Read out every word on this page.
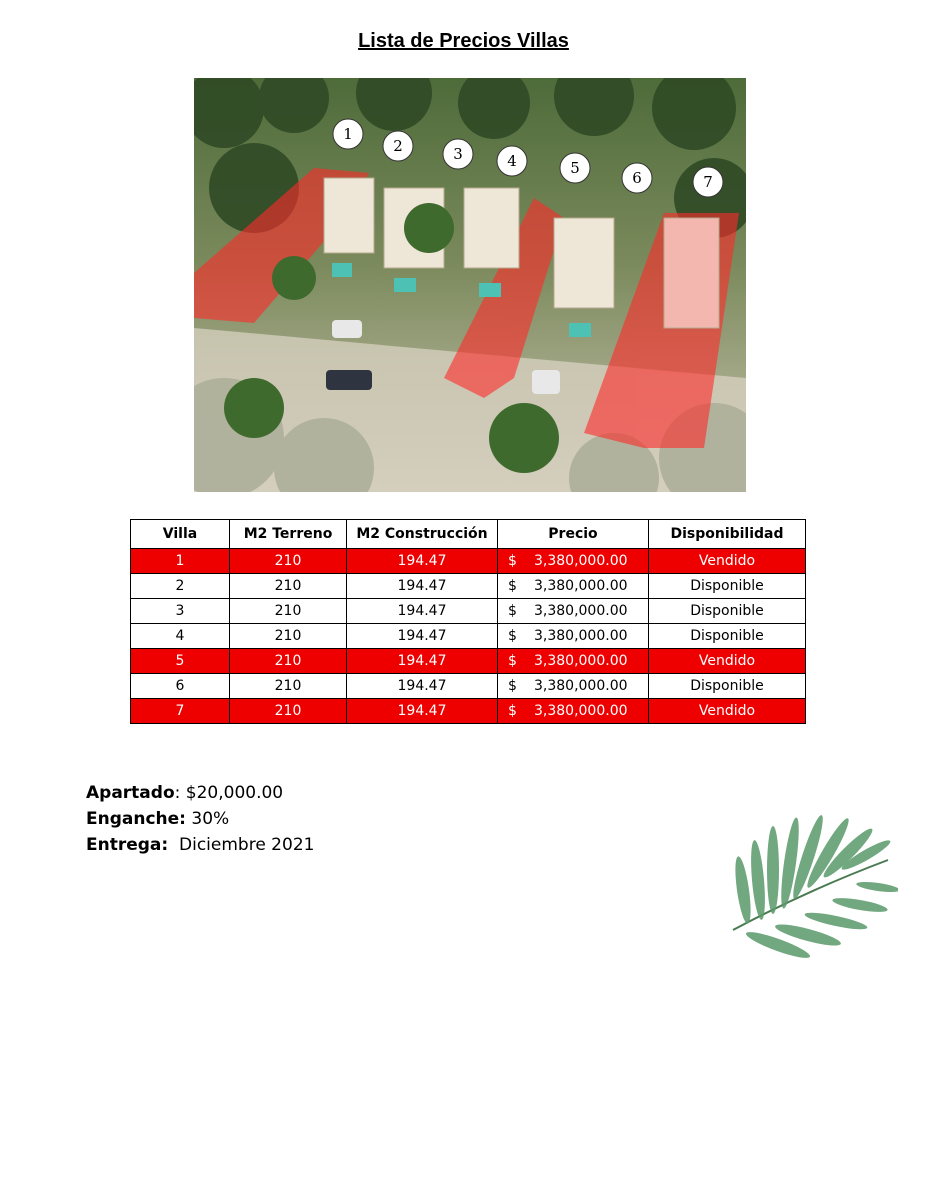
Lista de Precios Villas
1
2	3	4	5
6	7
Villa	M2 Terreno	M2 Construcción	Precio	Disponibilidad
1	210	194.47	$ 3,380,000.00	Vendido
2	210	194.47	$ 3,380,000.00	Disponible
3	210	194.47	$ 3,380,000.00	Disponible
4	210	194.47	$ 3,380,000.00	Disponible
5	210	194.47	$ 3,380,000.00	Vendido
6	210	194.47	$ 3,380,000.00	Disponible
7	210	194.47	$ 3,380,000.00	Vendido
Apartado: $20,000.00
Enganche: 30%
Entrega:  Diciembre 2021
